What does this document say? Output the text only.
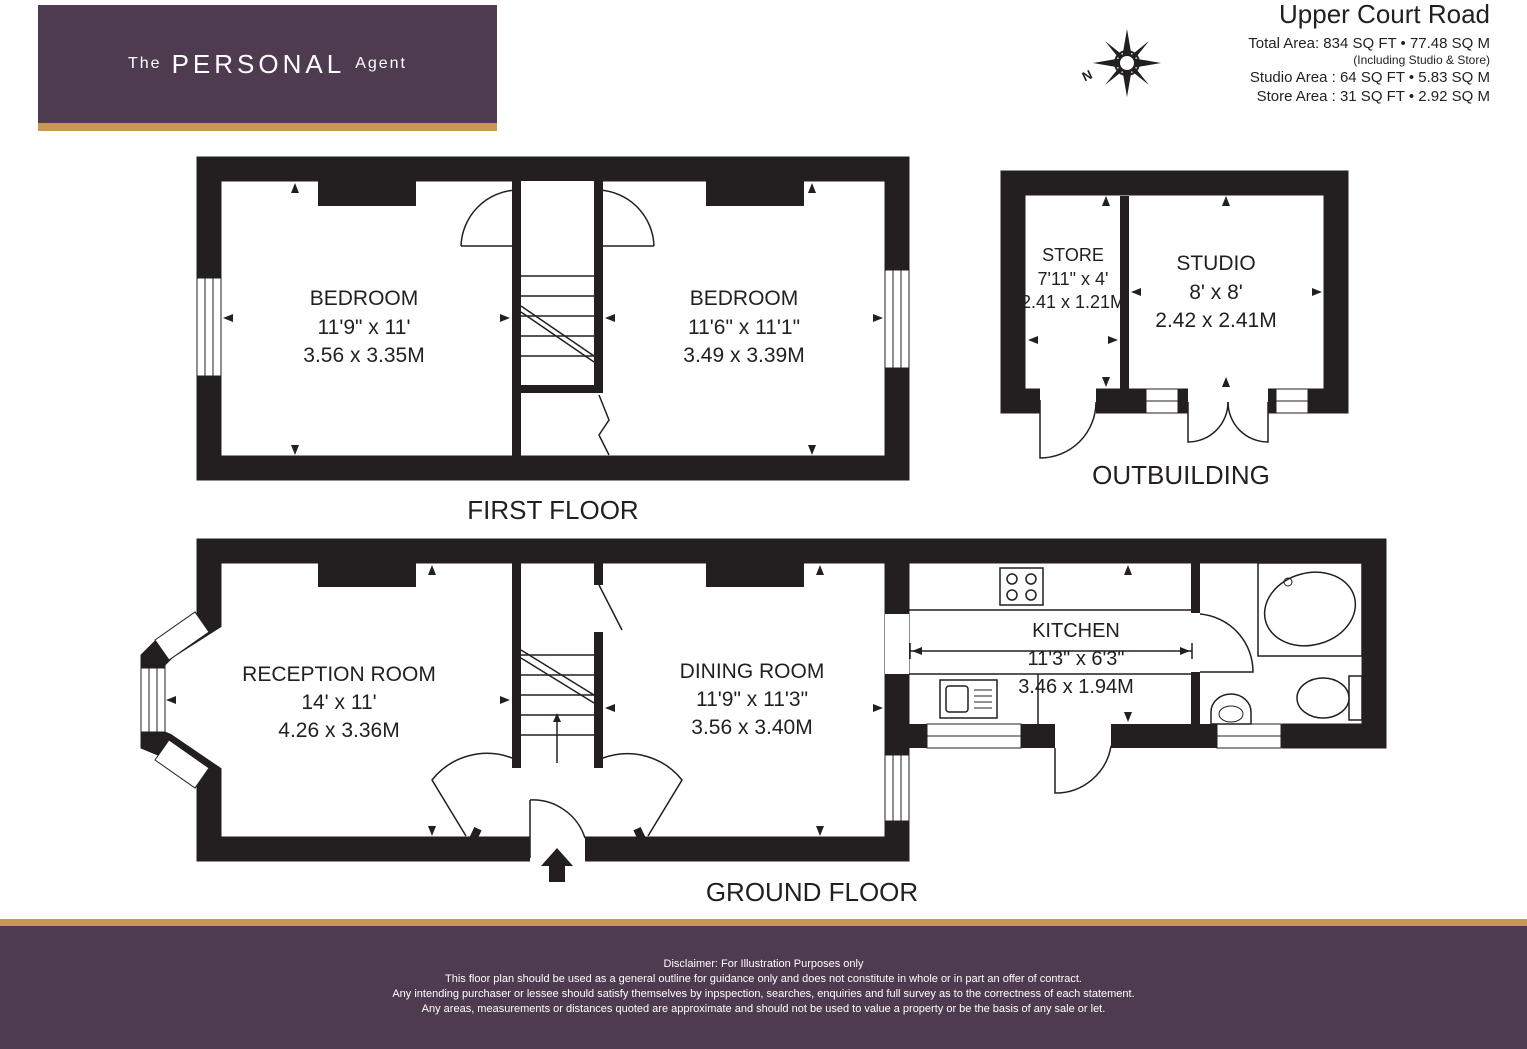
The PERSONAL Agent
Upper Court Road
Total Area: 834 SQ FT • 77.48 SQ M
(Including Studio & Store)
Studio Area : 64 SQ FT • 5.83 SQ M
Store Area : 31 SQ FT • 2.92 SQ M
N
BEDROOM
11'9" x 11'
3.56 x 3.35M
BEDROOM
11'6" x 11'1"
3.49 x 3.39M
STORE
7'11" x 4'
2.41 x 1.21M
STUDIO
8' x 8'
2.42 x 2.41M
RECEPTION ROOM
14' x 11'
4.26 x 3.36M
DINING ROOM
11'9" x 11'3"
3.56 x 3.40M
KITCHEN
11'3" x 6'3"
3.46 x 1.94M
FIRST FLOOR
GROUND FLOOR
OUTBUILDING
Disclaimer: For Illustration Purposes only
This floor plan should be used as a general outline for guidance only and does not constitute in whole or in part an offer of contract.
Any intending purchaser or lessee should satisfy themselves by inpspection, searches, enquiries and full survey as to the correctness of each statement.
Any areas, measurements or distances quoted are approximate and should not be used to value a property or be the basis of any sale or let.
